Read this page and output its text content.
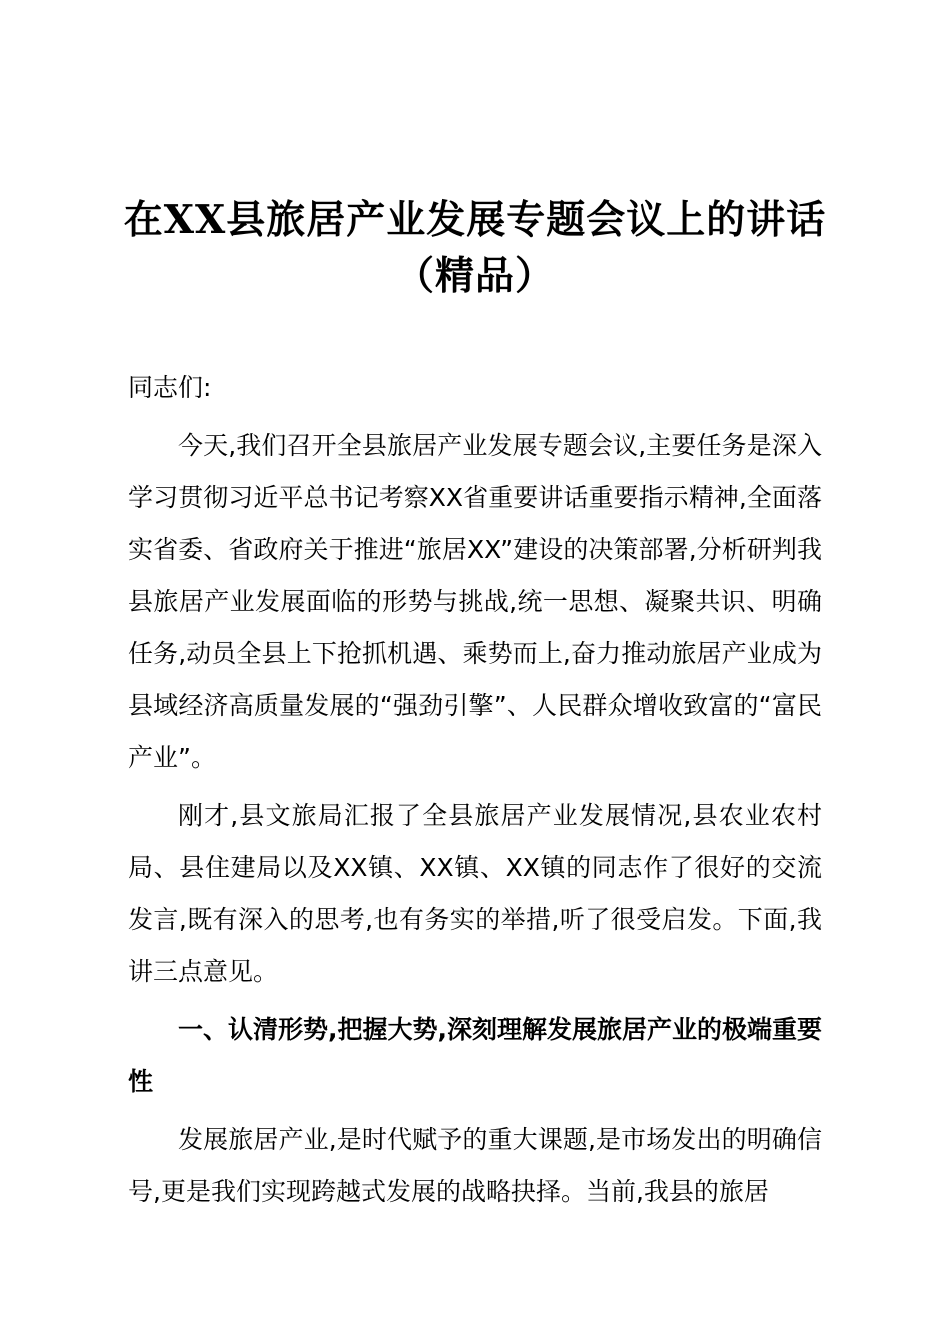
在XX县旅居产业发展专题会议上的讲话
（精品）

同志们:

今天,我们召开全县旅居产业发展专题会议,主要任务是深入学习贯彻习近平总书记考察XX省重要讲话重要指示精神,全面落实省委、省政府关于推进“旅居XX”建设的决策部署,分析研判我县旅居产业发展面临的形势与挑战,统一思想、凝聚共识、明确任务,动员全县上下抢抓机遇、乘势而上,奋力推动旅居产业成为县域经济高质量发展的“强劲引擎”、人民群众增收致富的“富民产业”。

刚才,县文旅局汇报了全县旅居产业发展情况,县农业农村局、县住建局以及XX镇、XX镇、XX镇的同志作了很好的交流发言,既有深入的思考,也有务实的举措,听了很受启发。下面,我讲三点意见。

一、认清形势,把握大势,深刻理解发展旅居产业的极端重要性

发展旅居产业,是时代赋予的重大课题,是市场发出的明确信号,更是我们实现跨越式发展的战略抉择。当前,我县的旅居
